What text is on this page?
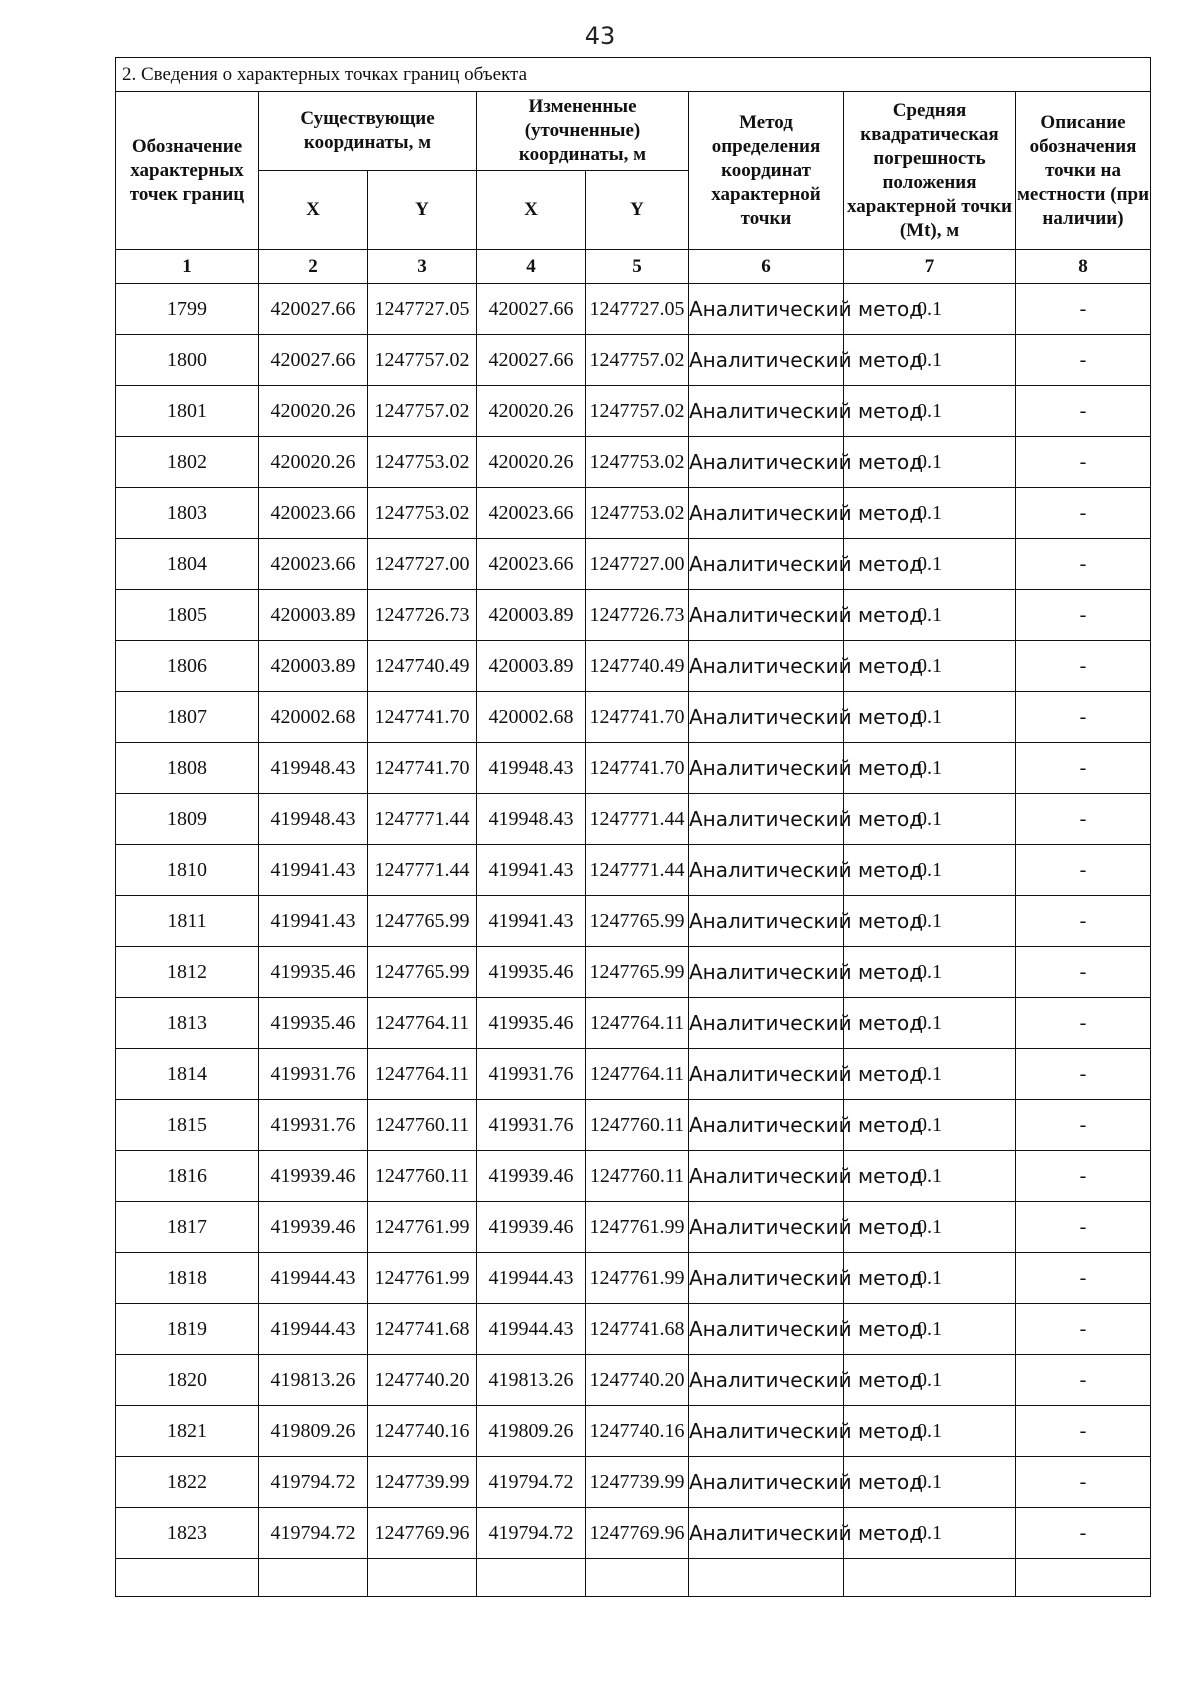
43
2. Сведения о характерных точках границ объекта							
Обозначение характерных точек границ	Существующие координаты, м		Измененные (уточненные) координаты, м		Метод определения координат характерной точки	Средняя квадратическая погрешность положения характерной точки (Mt), м	Описание обозначения точки на местности (при наличии)
	X	Y	X	Y			
1	2	3	4	5	6	7	8
1799	420027.66	1247727.05	420027.66	1247727.05	Аналитический метод	0.1	-
1800	420027.66	1247757.02	420027.66	1247757.02	Аналитический метод	0.1	-
1801	420020.26	1247757.02	420020.26	1247757.02	Аналитический метод	0.1	-
1802	420020.26	1247753.02	420020.26	1247753.02	Аналитический метод	0.1	-
1803	420023.66	1247753.02	420023.66	1247753.02	Аналитический метод	0.1	-
1804	420023.66	1247727.00	420023.66	1247727.00	Аналитический метод	0.1	-
1805	420003.89	1247726.73	420003.89	1247726.73	Аналитический метод	0.1	-
1806	420003.89	1247740.49	420003.89	1247740.49	Аналитический метод	0.1	-
1807	420002.68	1247741.70	420002.68	1247741.70	Аналитический метод	0.1	-
1808	419948.43	1247741.70	419948.43	1247741.70	Аналитический метод	0.1	-
1809	419948.43	1247771.44	419948.43	1247771.44	Аналитический метод	0.1	-
1810	419941.43	1247771.44	419941.43	1247771.44	Аналитический метод	0.1	-
1811	419941.43	1247765.99	419941.43	1247765.99	Аналитический метод	0.1	-
1812	419935.46	1247765.99	419935.46	1247765.99	Аналитический метод	0.1	-
1813	419935.46	1247764.11	419935.46	1247764.11	Аналитический метод	0.1	-
1814	419931.76	1247764.11	419931.76	1247764.11	Аналитический метод	0.1	-
1815	419931.76	1247760.11	419931.76	1247760.11	Аналитический метод	0.1	-
1816	419939.46	1247760.11	419939.46	1247760.11	Аналитический метод	0.1	-
1817	419939.46	1247761.99	419939.46	1247761.99	Аналитический метод	0.1	-
1818	419944.43	1247761.99	419944.43	1247761.99	Аналитический метод	0.1	-
1819	419944.43	1247741.68	419944.43	1247741.68	Аналитический метод	0.1	-
1820	419813.26	1247740.20	419813.26	1247740.20	Аналитический метод	0.1	-
1821	419809.26	1247740.16	419809.26	1247740.16	Аналитический метод	0.1	-
1822	419794.72	1247739.99	419794.72	1247739.99	Аналитический метод	0.1	-
1823	419794.72	1247769.96	419794.72	1247769.96	Аналитический метод	0.1	-
